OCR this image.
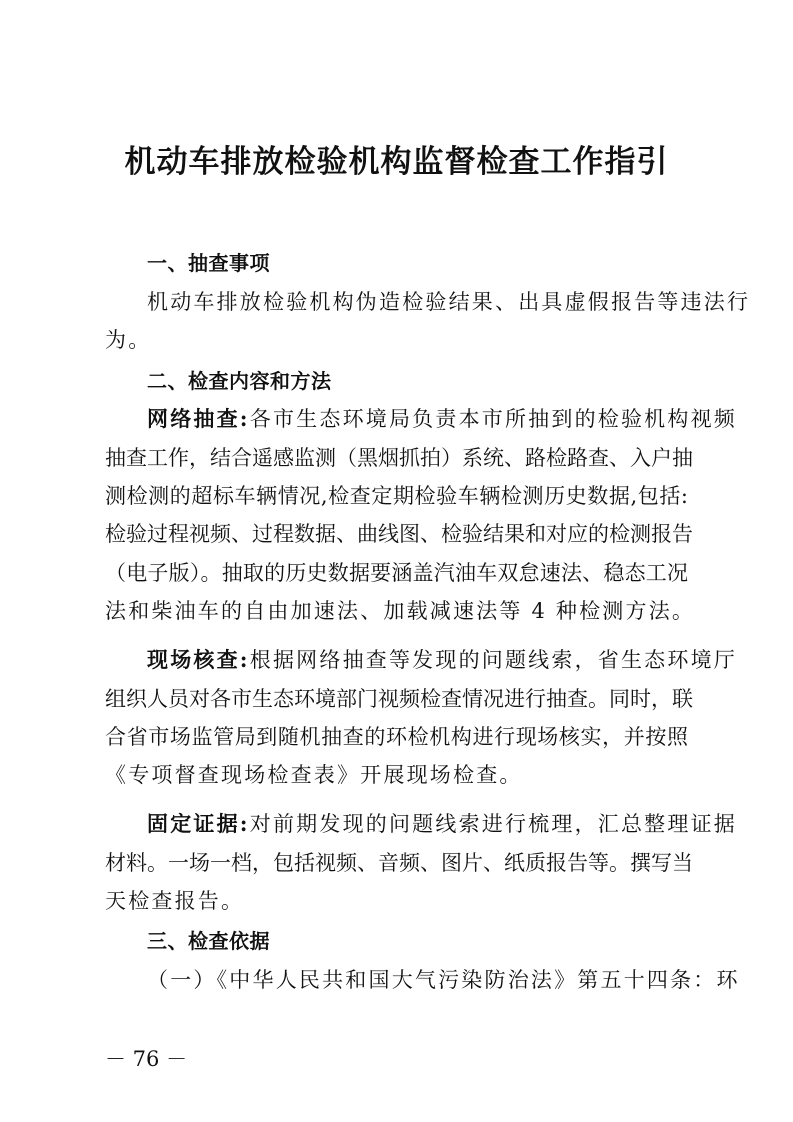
机动车排放检验机构监督检查工作指引
一、抽查事项
机动车排放检验机构伪造检验结果、出具虚假报告等违法行
为。
二、检查内容和方法
网络抽查:各市生态环境局负责本市所抽到的检验机构视频
抽查工作，结合遥感监测（黑烟抓拍）系统、路检路查、入户抽
测检测的超标车辆情况,检查定期检验车辆检测历史数据,包括:
检验过程视频、过程数据、曲线图、检验结果和对应的检测报告
（电子版）。抽取的历史数据要涵盖汽油车双怠速法、稳态工况
法和柴油车的自由加速法、加载减速法等 4 种检测方法。
现场核查:根据网络抽查等发现的问题线索，省生态环境厅
组织人员对各市生态环境部门视频检查情况进行抽查。同时，联
合省市场监管局到随机抽查的环检机构进行现场核实，并按照
《专项督查现场检查表》开展现场检查。
固定证据:对前期发现的问题线索进行梳理，汇总整理证据
材料。一场一档，包括视频、音频、图片、纸质报告等。撰写当
天检查报告。
三、检查依据
（一）《中华人民共和国大气污染防治法》第五十四条：环
－ 76 －
